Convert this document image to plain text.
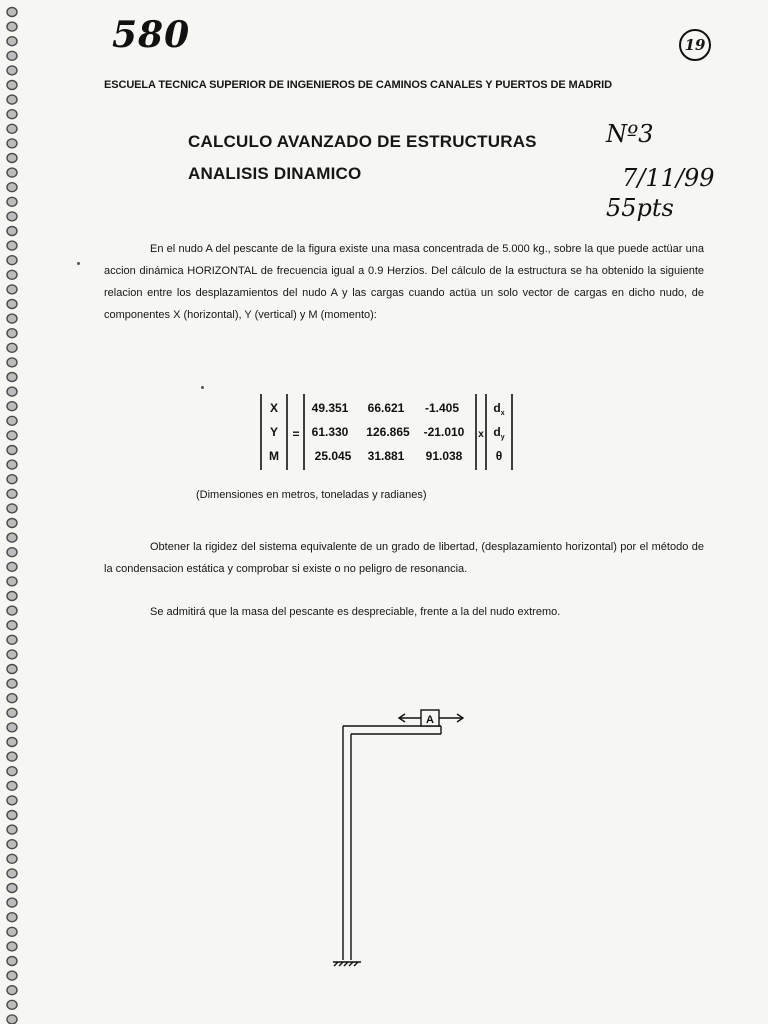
580	19
ESCUELA TECNICA SUPERIOR DE INGENIEROS DE CAMINOS CANALES Y PUERTOS DE MADRID
CALCULO AVANZADO DE ESTRUCTURAS
ANALISIS DINAMICO
Nº3
7/11/99
55pts
En el nudo A del pescante de la figura existe una masa concentrada de 5.000 kg., sobre la que puede actüar una accion dinámica HORIZONTAL de frecuencia igual a 0.9 Herzios. Del cálculo de la estructura se ha obtenido la siguiente relacion entre los desplazamientos del nudo A y las cargas cuando actüa un solo vector de cargas en dicho nudo, de componentes X (horizontal), Y (vertical) y M (momento):
X
Y
M
=
49.351 66.621 -1.405
61.330 126.865 -21.010
25.045 31.881 91.038
x
$d_x$
$d_y$
θ
(Dimensiones en metros, toneladas y radianes)
Obtener la rigidez del sistema equivalente de un grado de libertad, (desplazamiento horizontal) por el método de la condensacion estática y comprobar si existe o no peligro de resonancia.
Se admitirá que la masa del pescante es despreciable, frente a la del nudo extremo.
A
